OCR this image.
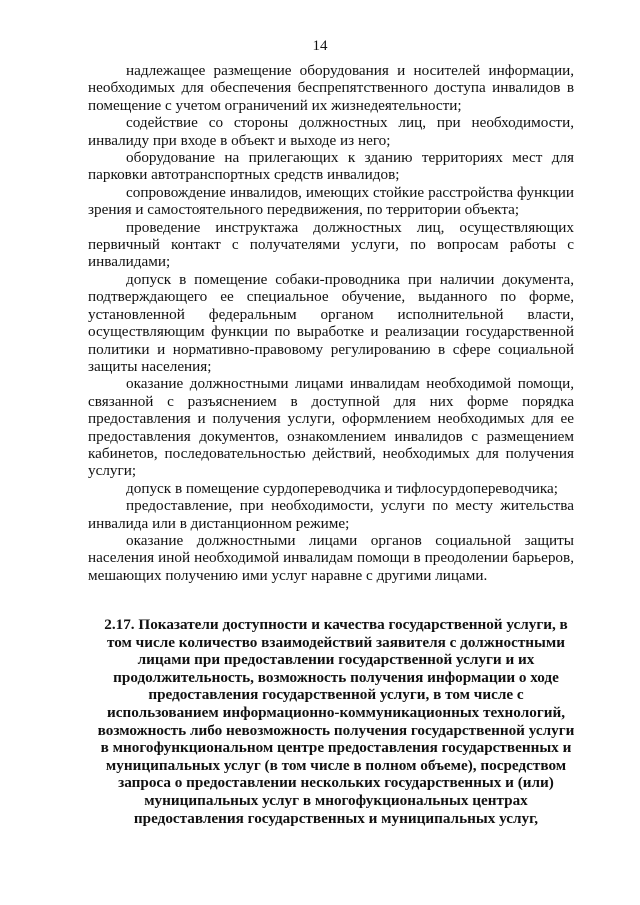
14

надлежащее размещение оборудования и носителей информации, необходимых для обеспечения беспрепятственного доступа инвалидов в помещение с учетом ограничений их жизнедеятельности;

содействие со стороны должностных лиц, при необходимости, инвалиду при входе в объект и выходе из него;

оборудование на прилегающих к зданию территориях мест для парковки автотранспортных средств инвалидов;

сопровождение инвалидов, имеющих стойкие расстройства функции зрения и самостоятельного передвижения, по территории объекта;

проведение инструктажа должностных лиц, осуществляющих первичный контакт с получателями услуги, по вопросам работы с инвалидами;

допуск в помещение собаки-проводника при наличии документа, подтверждающего ее специальное обучение, выданного по форме, установленной федеральным органом исполнительной власти, осуществляющим функции по выработке и реализации государственной политики и нормативно-правовому регулированию в сфере социальной защиты населения;

оказание должностными лицами инвалидам необходимой помощи, связанной с разъяснением в доступной для них форме порядка предоставления и получения услуги, оформлением необходимых для ее предоставления документов, ознакомлением инвалидов с размещением кабинетов, последовательностью действий, необходимых для получения услуги;

допуск в помещение сурдопереводчика и тифлосурдопереводчика;

предоставление, при необходимости, услуги по месту жительства инвалида или в дистанционном режиме;

оказание должностными лицами органов социальной защиты населения иной необходимой инвалидам помощи в преодолении барьеров, мешающих получению ими услуг наравне с другими лицами.

2.17. Показатели доступности и качества государственной услуги, в том числе количество взаимодействий заявителя с должностными лицами при предоставлении государственной услуги и их продолжительность, возможность получения информации о ходе предоставления государственной услуги, в том числе с использованием информационно-коммуникационных технологий, возможность либо невозможность получения государственной услуги в многофункциональном центре предоставления государственных и муниципальных услуг (в том числе в полном объеме), посредством запроса о предоставлении нескольких государственных и (или) муниципальных услуг в многофукциональных центрах предоставления государственных и муниципальных услуг,
